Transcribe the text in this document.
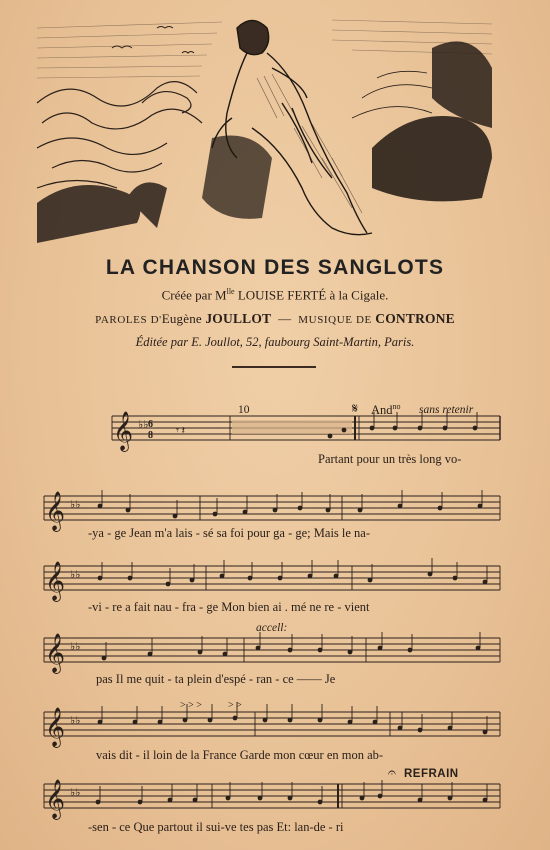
LA CHANSON DES SANGLOTS
Créée par $M^{lle}$ LOUISE FERTÉ à la Cigale.
PAROLES D'Eugène JOULLOT — MUSIQUE DE CONTRONE
Éditée par E. Joullot, 52, faubourg Saint-Martin, Paris.
𝄞 ♭♭ 6
8 𝄾 𝄽
10	𝄋 And$^{no}$ sans retenir
Partant pour un très long vo-
𝄞 ♭♭
-ya - ge Jean m'a lais - sé sa foi pour ga - ge; Mais le na-
𝄞 ♭♭
-vi - re a fait nau - fra - ge Mon bien ai . mé ne re - vient
𝄞 ♭♭
accell:
pas Il me quit - ta plein d'espé - ran - ce —— Je
𝄞 ♭♭
> > >	> >
vais dit - il loin de la France Garde mon cœur en mon ab-
𝄞 ♭♭
𝄐 REFRAIN
-sen - ce Que partout il sui-ve tes pas Et: lan-de - ri
